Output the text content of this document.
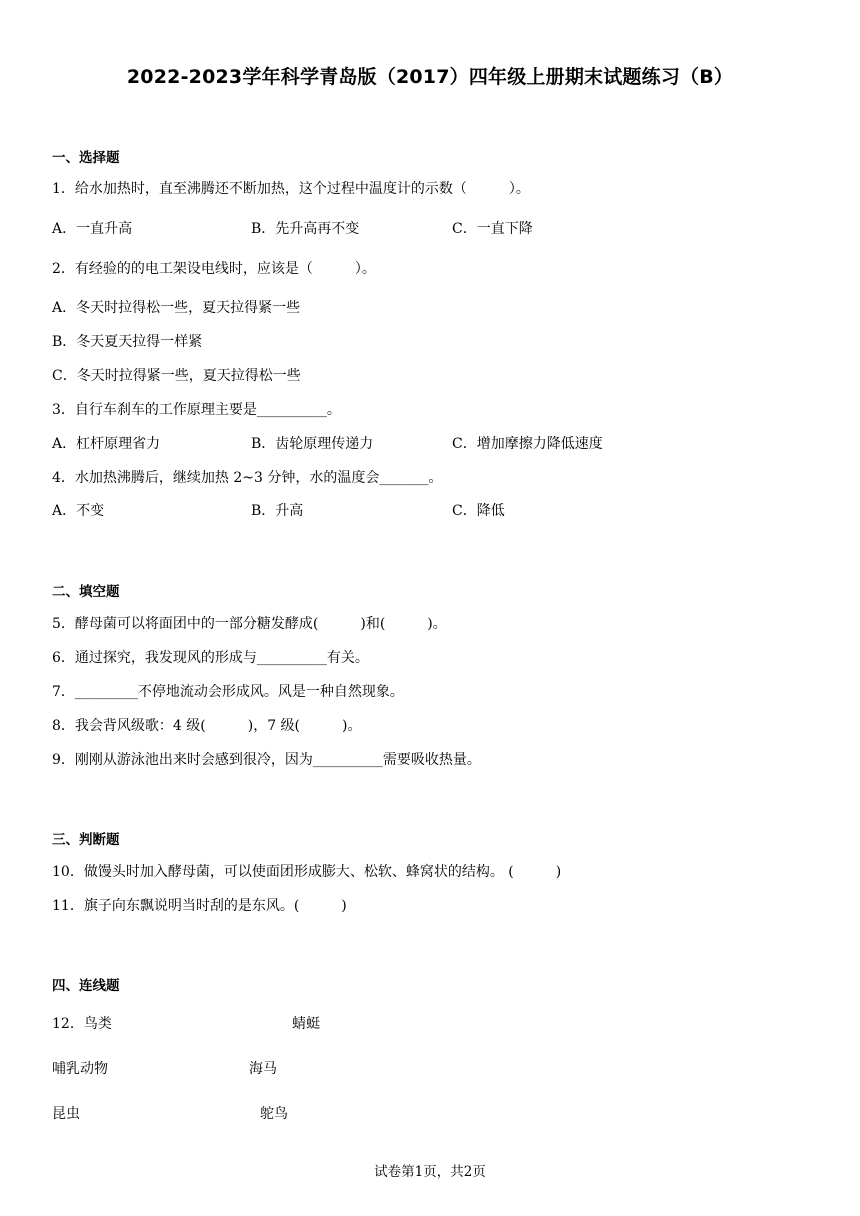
2022-2023学年科学青岛版（2017）四年级上册期末试题练习（B）
一、选择题
1．给水加热时，直至沸腾还不断加热，这个过程中温度计的示数（　　　）。
A．一直升高	B．先升高再不变	C．一直下降
2．有经验的的电工架设电线时，应该是（　　　）。
A．冬天时拉得松一些，夏天拉得紧一些
B．冬天夏天拉得一样紧
C．冬天时拉得紧一些，夏天拉得松一些
3．自行车刹车的工作原理主要是__________。
A．杠杆原理省力	B．齿轮原理传递力	C．增加摩擦力降低速度
4．水加热沸腾后，继续加热 2~3 分钟，水的温度会_______。
A．不变	B．升高	C．降低
二、填空题
5．酵母菌可以将面团中的一部分糖发酵成(　　　)和(　　　)。
6．通过探究，我发现风的形成与__________有关。
7．_________不停地流动会形成风。风是一种自然现象。
8．我会背风级歌：4 级(　　　)，7 级(　　　)。
9．刚刚从游泳池出来时会感到很冷，因为__________需要吸收热量。
三、判断题
10．做馒头时加入酵母菌，可以使面团形成膨大、松软、蜂窝状的结构。 (　　　)
11．旗子向东飘说明当时刮的是东风。(　　　)
四、连线题
12．鸟类	蜻蜓
哺乳动物	海马
昆虫	鸵鸟
试卷第1页，共2页
